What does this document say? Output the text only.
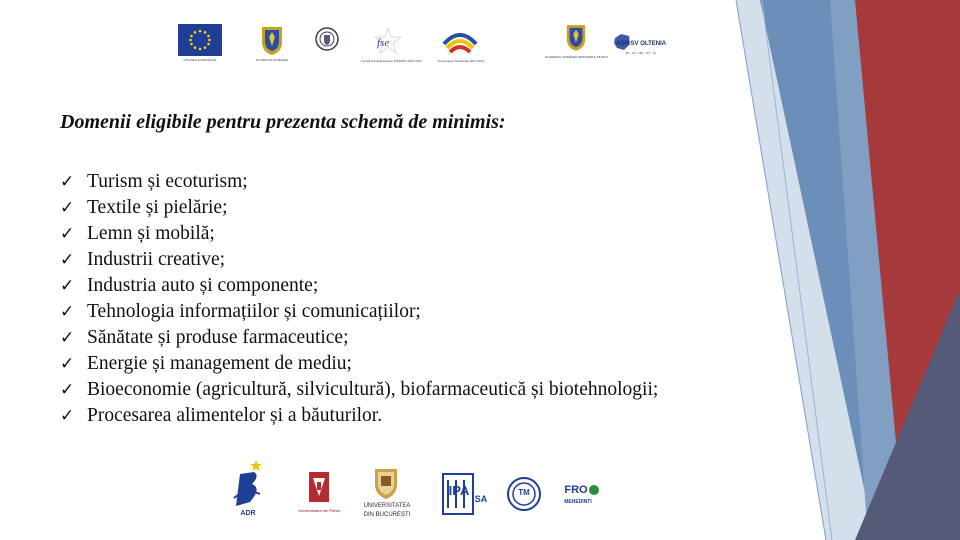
UNIUNEA EUROPEANĂ	GUVERNUL ROMÂNIEI
fse
Fondul Social European POSDRU 2007-2013	Instrumente Structurale 2007-2013
GUVERNUL ROMÂNIEI MINISTERUL MUNCII
ADR SV OLTENIA
DJ · GJ · MH · OT · VL
Domenii eligibile pentru prezenta schemă de minimis:
✓ Turism și ecoturism;
✓ Textile și pielărie;
✓ Lemn și mobilă;
✓ Industrii creative;
✓ Industria auto și componente;
✓ Tehnologia informațiilor și comunicațiilor;
✓ Sănătate și produse farmaceutice;
✓ Energie și management de mediu;
✓ Bioeconomie (agricultură, silvicultură), biofarmaceutică și biotehnologii;
✓ Procesarea alimentelor și a băuturilor.
ADR	Universitatea din Pitești
UNIVERSITATEA
DIN BUCUREȘTI
IPA
SA
TM	FRO
MEHEDINTI
